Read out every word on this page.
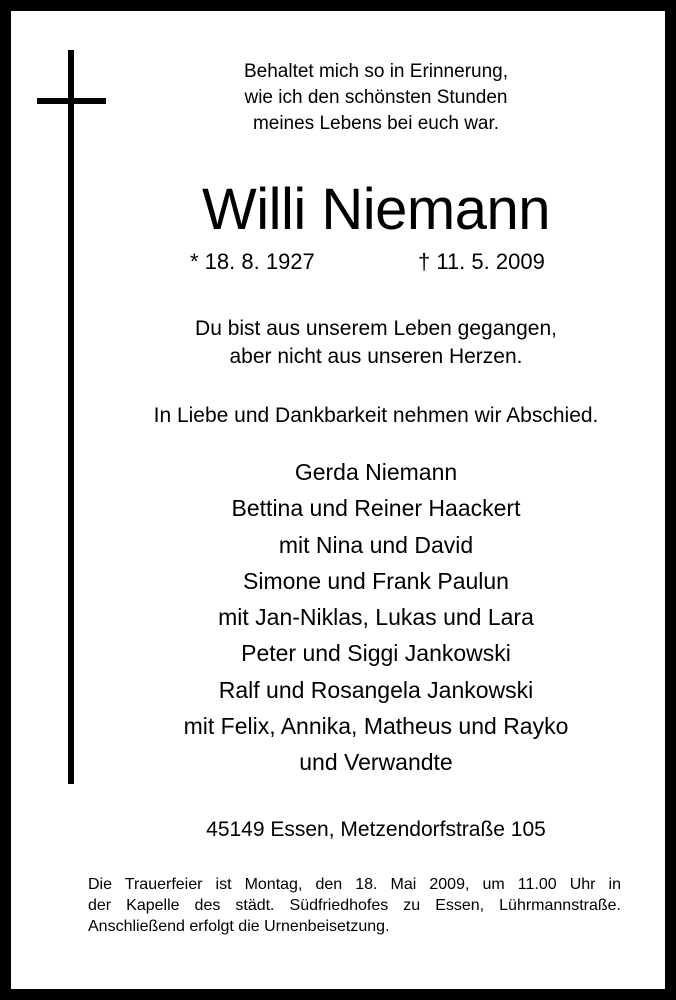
Behaltet mich so in Erinnerung,
wie ich den schönsten Stunden
meines Lebens bei euch war.
Willi Niemann
* 18. 8. 1927	† 11. 5. 2009
Du bist aus unserem Leben gegangen,
aber nicht aus unseren Herzen.
In Liebe und Dankbarkeit nehmen wir Abschied.
Gerda Niemann
Bettina und Reiner Haackert
mit Nina und David
Simone und Frank Paulun
mit Jan-Niklas, Lukas und Lara
Peter und Siggi Jankowski
Ralf und Rosangela Jankowski
mit Felix, Annika, Matheus und Rayko
und Verwandte
45149 Essen, Metzendorfstraße 105
Die Trauerfeier ist Montag, den 18. Mai 2009, um 11.00 Uhr in
der Kapelle des städt. Südfriedhofes zu Essen, Lührmannstraße.
Anschließend erfolgt die Urnenbeisetzung.
